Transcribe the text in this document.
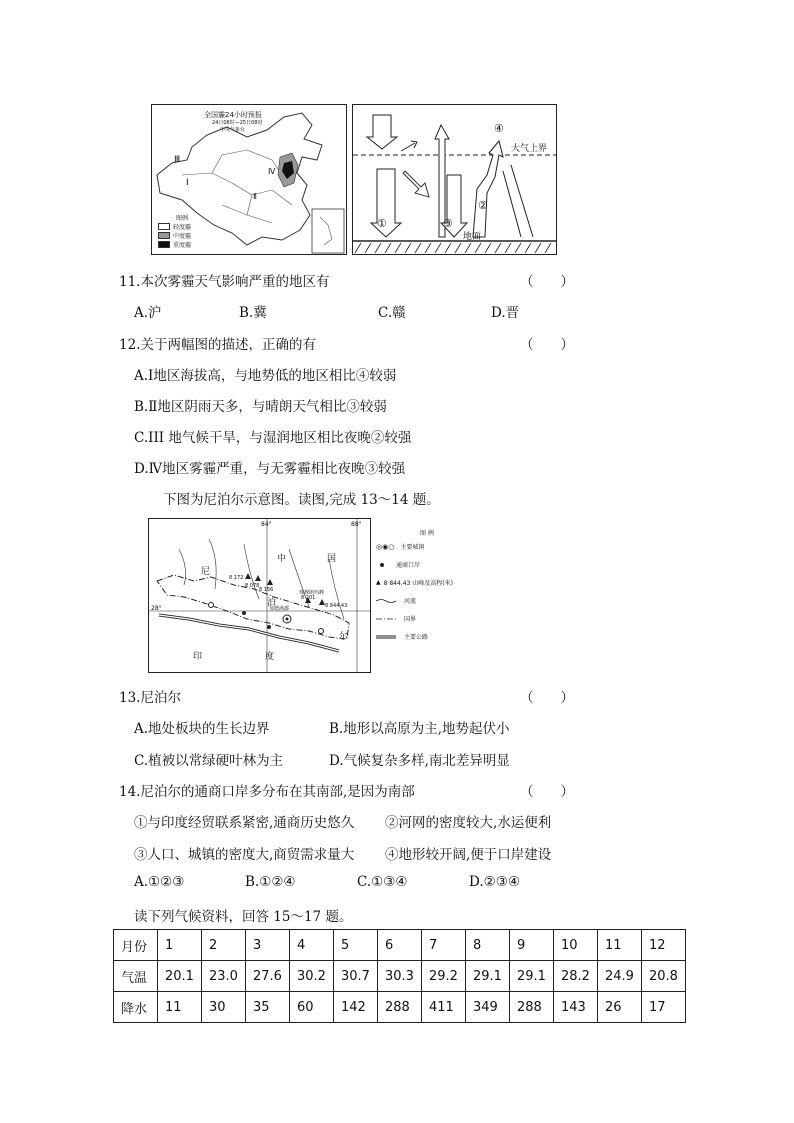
全国霾24小时预报
24日08时—25日08时
中央气象台
Ⅲ
Ⅰ
Ⅳ
Ⅱ
图例
轻度霾
中度霾
重度霾
①
②
③
④
大气上界
地面
11.本次雾霾天气影响严重的地区有	（　　）
A.沪	B.冀	C.赣	D.晋
12.关于两幅图的描述，正确的有	（　　）
A.Ⅰ地区海拔高，与地势低的地区相比④较弱
B.Ⅱ地区阴雨天多，与晴朗天气相比③较弱
C.III 地气候干旱，与湿润地区相比夜晚②较强
D.Ⅳ地区雾霾严重，与无雾霾相比夜晚③较强
下图为尼泊尔示意图。读图,完成 13～14 题。
84°	88°
28°
中	国
尼
泊
尔
印	度
8 172
8 078
8 156
8 201
8 844.43
珠穆朗玛峰
加德满都
图 例
◎◉○ 主要城镇
通商口岸
▲ 8 844.43 山峰及高程(米)
河流
国界
主要公路
13.尼泊尔	（　　）
A.地处板块的生长边界	B.地形以高原为主,地势起伏小
C.植被以常绿硬叶林为主	D.气候复杂多样,南北差异明显
14.尼泊尔的通商口岸多分布在其南部,是因为南部	（　　）
①与印度经贸联系紧密,通商历史悠久 ②河网的密度较大,水运便利
③人口、城镇的密度大,商贸需求量大 ④地形较开阔,便于口岸建设
A.①②③	B.①②④	C.①③④	D.②③④
读下列气候资料，回答 15～17 题。
月份	1	2	3	4	5	6	7	8	9	10	11	12
气温	20.1	23.0	27.6	30.2	30.7	30.3	29.2	29.1	29.1	28.2	24.9	20.8
降水	11	30	35	60	142	288	411	349	288	143	26	17
